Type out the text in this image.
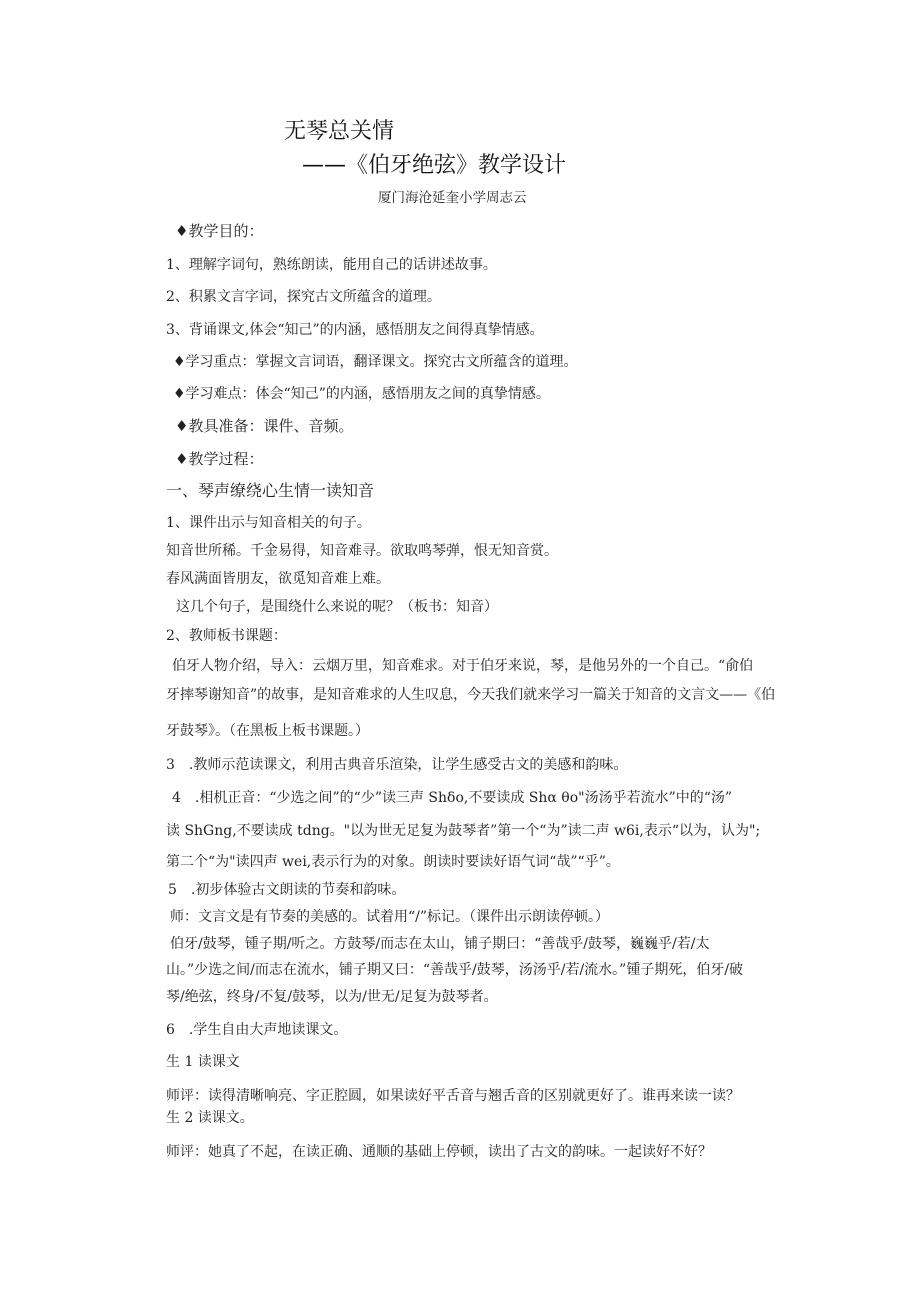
无琴总关情
——《伯牙绝弦》教学设计
厦门海沧延奎小学周志云
♦教学目的：
1、理解字词句，熟练朗读，能用自己的话讲述故事。
2、积累文言字词，探究古文所蕴含的道理。
3、背诵课文,体会“知己”的内涵，感悟朋友之间得真挚情感。
♦学习重点：掌握文言词语，翻译课文。探究古文所蕴含的道理。
♦学习难点：体会“知己”的内涵，感悟朋友之间的真挚情感。
♦教具准备：课件、音频。
♦教学过程：
一、琴声缭绕心生情一读知音
1、课件出示与知音相关的句子。
知音世所稀。千金易得，知音难寻。欲取鸣琴弹，恨无知音赏。
春风满面皆朋友，欲觅知音难上难。
这几个句子，是围绕什么来说的呢？（板书：知音）
2、教师板书课题：
伯牙人物介绍，导入：云烟万里，知音难求。对于伯牙来说，琴，是他另外的一个自己。“俞伯
牙摔琴谢知音”的故事，是知音难求的人生叹息，今天我们就来学习一篇关于知音的文言文——《伯
牙鼓琴》。（在黑板上板书课题。）
3　.教师示范读课文，利用古典音乐渲染，让学生感受古文的美感和韵味。
4　.相机正音：“少选之间”的“少”读三声 Shδo,不要读成 Shα θo"汤汤乎若流水”中的“汤”
读 ShGng,不要读成 tdng。"以为世无足复为鼓琴者”第一个“为”读二声 w6i,表示“以为，认为";
第二个“为"读四声 wei,表示行为的对象。朗读时要读好语气词“哉”“乎”。
5　.初步体验古文朗读的节奏和韵味。
师：文言文是有节奏的美感的。试着用“/”标记。（课件出示朗读停顿。）
伯牙/鼓琴，锺子期/听之。方鼓琴/而志在太山，铺子期曰：“善哉乎/鼓琴，巍巍乎/若/太
山。”少选之间/而志在流水，铺子期又曰：“善哉乎/鼓琴，汤汤乎/若/流水。”锺子期死，伯牙/破
琴/绝弦，终身/不复/鼓琴，以为/世无/足复为鼓琴者。
6　.学生自由大声地读课文。
生 1 读课文
师评：读得清晰响亮、字正腔圆，如果读好平舌音与翘舌音的区别就更好了。谁再来读一读？
生 2 读课文。
师评：她真了不起，在读正确、通顺的基础上停顿，读出了古文的韵味。一起读好不好？
